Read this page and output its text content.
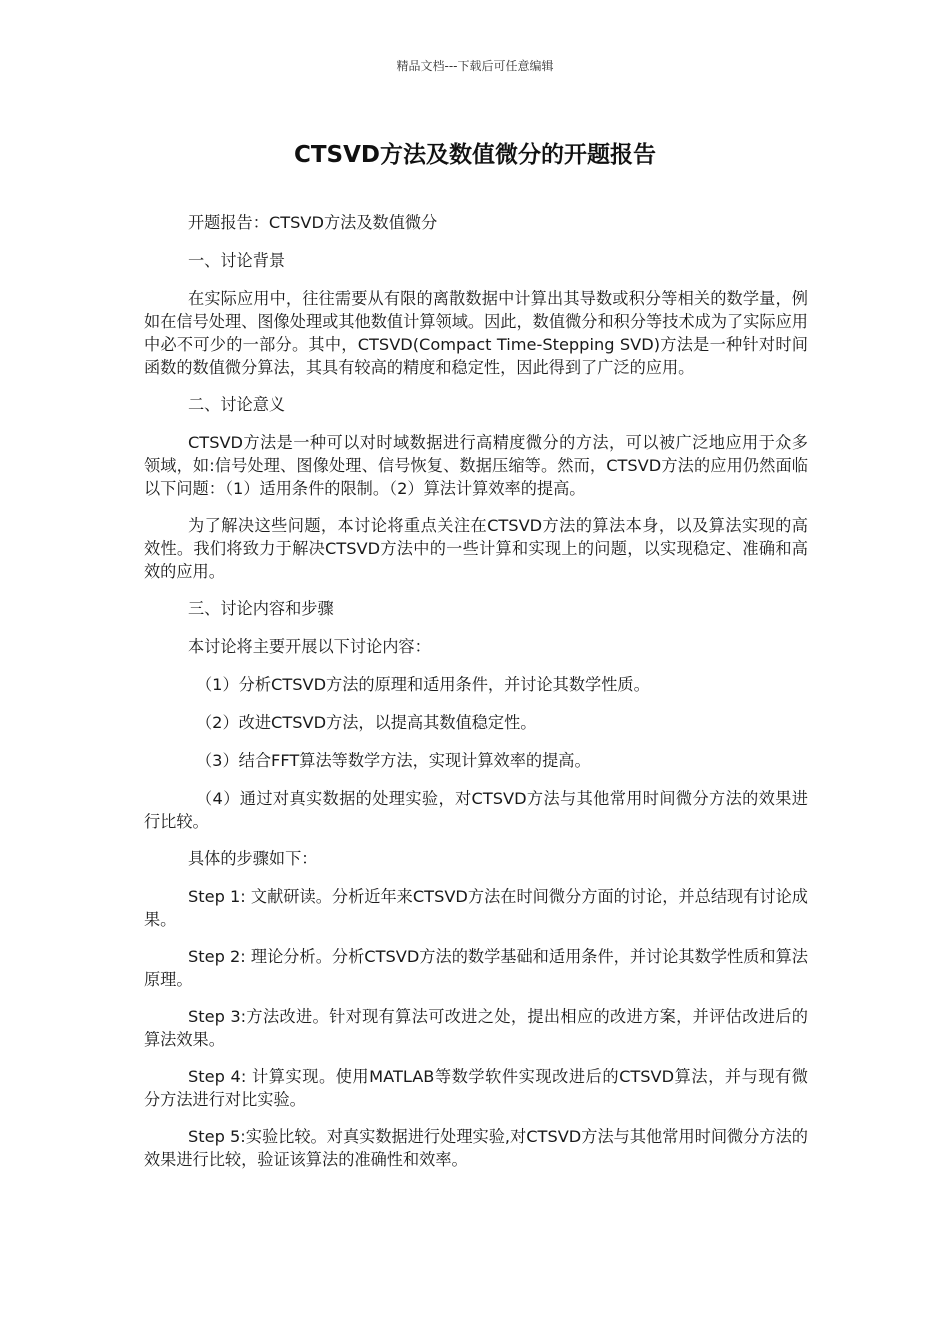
精品文档---下载后可任意编辑
CTSVD方法及数值微分的开题报告

开题报告：CTSVD方法及数值微分

一、讨论背景

在实际应用中，往往需要从有限的离散数据中计算出其导数或积分等相关的数学量，例如在信号处理、图像处理或其他数值计算领域。因此，数值微分和积分等技术成为了实际应用中必不可少的一部分。其中，CTSVD(Compact Time-Stepping SVD)方法是一种针对时间函数的数值微分算法，其具有较高的精度和稳定性，因此得到了广泛的应用。

二、讨论意义

CTSVD方法是一种可以对时域数据进行高精度微分的方法，可以被广泛地应用于众多领域，如:信号处理、图像处理、信号恢复、数据压缩等。然而，CTSVD方法的应用仍然面临以下问题：（1）适用条件的限制。（2）算法计算效率的提高。

为了解决这些问题，本讨论将重点关注在CTSVD方法的算法本身，以及算法实现的高效性。我们将致力于解决CTSVD方法中的一些计算和实现上的问题，以实现稳定、准确和高效的应用。

三、讨论内容和步骤

本讨论将主要开展以下讨论内容：

（1）分析CTSVD方法的原理和适用条件，并讨论其数学性质。

（2）改进CTSVD方法，以提高其数值稳定性。

（3）结合FFT算法等数学方法，实现计算效率的提高。

（4）通过对真实数据的处理实验，对CTSVD方法与其他常用时间微分方法的效果进行比较。

具体的步骤如下：

Step 1: 文献研读。分析近年来CTSVD方法在时间微分方面的讨论，并总结现有讨论成果。

Step 2: 理论分析。分析CTSVD方法的数学基础和适用条件，并讨论其数学性质和算法原理。

Step 3:方法改进。针对现有算法可改进之处，提出相应的改进方案，并评估改进后的算法效果。

Step 4: 计算实现。使用MATLAB等数学软件实现改进后的CTSVD算法，并与现有微分方法进行对比实验。

Step 5:实验比较。对真实数据进行处理实验,对CTSVD方法与其他常用时间微分方法的效果进行比较，验证该算法的准确性和效率。
